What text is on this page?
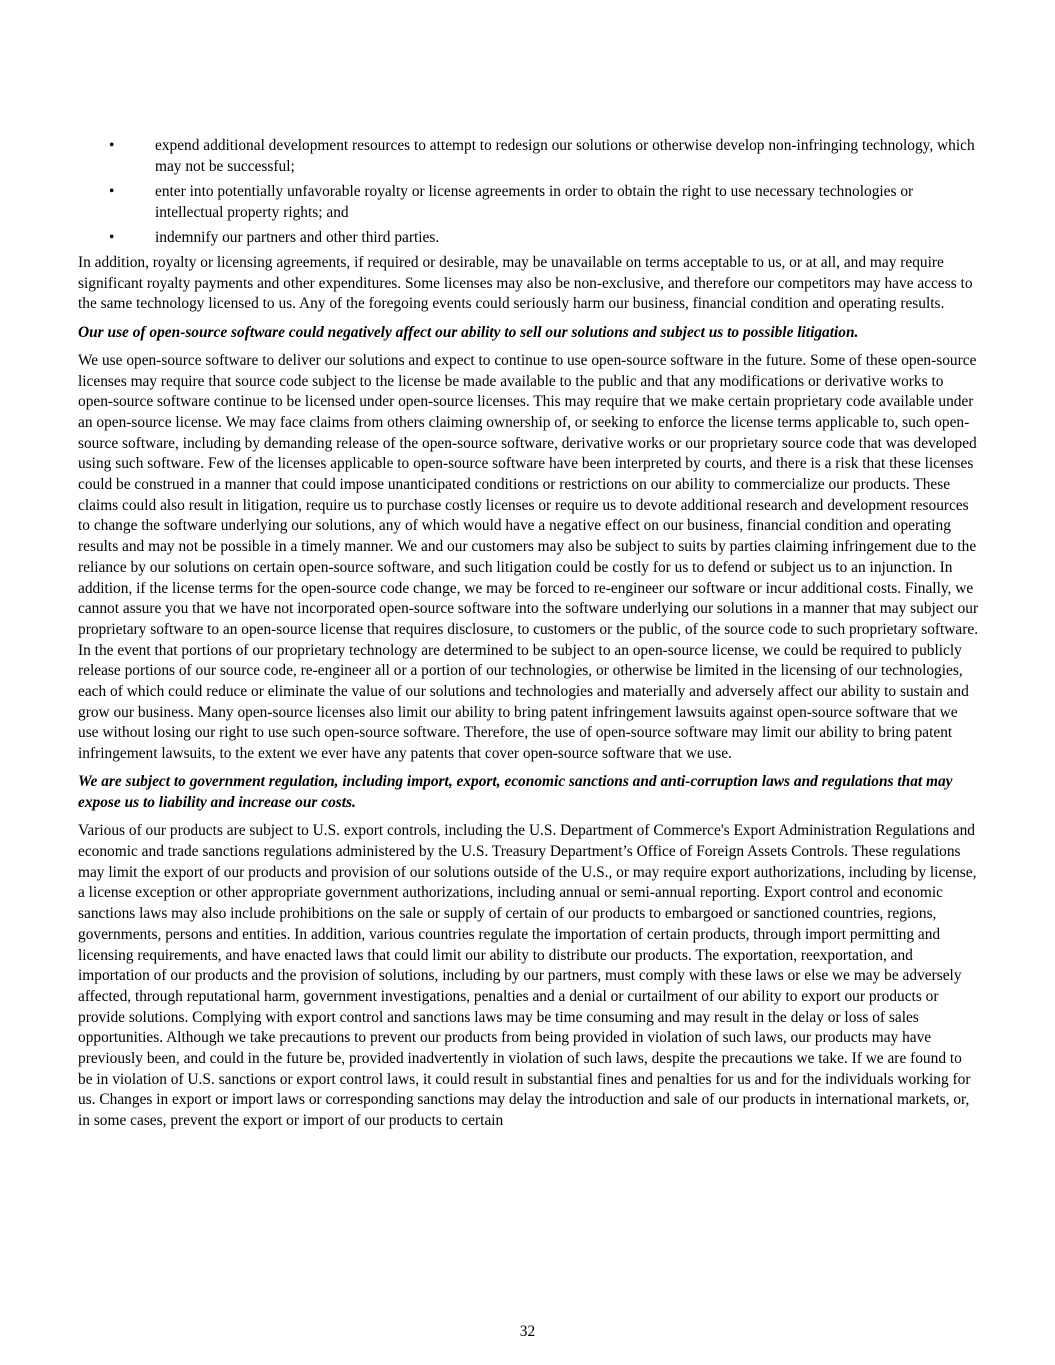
•	expend additional development resources to attempt to redesign our solutions or otherwise develop non-infringing technology, which may not be successful;
•	enter into potentially unfavorable royalty or license agreements in order to obtain the right to use necessary technologies or intellectual property rights; and
•	indemnify our partners and other third parties.

In addition, royalty or licensing agreements, if required or desirable, may be unavailable on terms acceptable to us, or at all, and may require significant royalty payments and other expenditures. Some licenses may also be non-exclusive, and therefore our competitors may have access to the same technology licensed to us. Any of the foregoing events could seriously harm our business, financial condition and operating results.

Our use of open-source software could negatively affect our ability to sell our solutions and subject us to possible litigation.

We use open-source software to deliver our solutions and expect to continue to use open-source software in the future. Some of these open-source licenses may require that source code subject to the license be made available to the public and that any modifications or derivative works to open-source software continue to be licensed under open-source licenses. This may require that we make certain proprietary code available under an open-source license. We may face claims from others claiming ownership of, or seeking to enforce the license terms applicable to, such open-source software, including by demanding release of the open-source software, derivative works or our proprietary source code that was developed using such software. Few of the licenses applicable to open-source software have been interpreted by courts, and there is a risk that these licenses could be construed in a manner that could impose unanticipated conditions or restrictions on our ability to commercialize our products. These claims could also result in litigation, require us to purchase costly licenses or require us to devote additional research and development resources to change the software underlying our solutions, any of which would have a negative effect on our business, financial condition and operating results and may not be possible in a timely manner. We and our customers may also be subject to suits by parties claiming infringement due to the reliance by our solutions on certain open-source software, and such litigation could be costly for us to defend or subject us to an injunction. In addition, if the license terms for the open-source code change, we may be forced to re-engineer our software or incur additional costs. Finally, we cannot assure you that we have not incorporated open-source software into the software underlying our solutions in a manner that may subject our proprietary software to an open-source license that requires disclosure, to customers or the public, of the source code to such proprietary software. In the event that portions of our proprietary technology are determined to be subject to an open-source license, we could be required to publicly release portions of our source code, re-engineer all or a portion of our technologies, or otherwise be limited in the licensing of our technologies, each of which could reduce or eliminate the value of our solutions and technologies and materially and adversely affect our ability to sustain and grow our business. Many open-source licenses also limit our ability to bring patent infringement lawsuits against open-source software that we use without losing our right to use such open-source software. Therefore, the use of open-source software may limit our ability to bring patent infringement lawsuits, to the extent we ever have any patents that cover open-source software that we use.

We are subject to government regulation, including import, export, economic sanctions and anti-corruption laws and regulations that may expose us to liability and increase our costs.

Various of our products are subject to U.S. export controls, including the U.S. Department of Commerce's Export Administration Regulations and economic and trade sanctions regulations administered by the U.S. Treasury Department’s Office of Foreign Assets Controls. These regulations may limit the export of our products and provision of our solutions outside of the U.S., or may require export authorizations, including by license, a license exception or other appropriate government authorizations, including annual or semi-annual reporting. Export control and economic sanctions laws may also include prohibitions on the sale or supply of certain of our products to embargoed or sanctioned countries, regions, governments, persons and entities. In addition, various countries regulate the importation of certain products, through import permitting and licensing requirements, and have enacted laws that could limit our ability to distribute our products. The exportation, reexportation, and importation of our products and the provision of solutions, including by our partners, must comply with these laws or else we may be adversely affected, through reputational harm, government investigations, penalties and a denial or curtailment of our ability to export our products or provide solutions. Complying with export control and sanctions laws may be time consuming and may result in the delay or loss of sales opportunities. Although we take precautions to prevent our products from being provided in violation of such laws, our products may have previously been, and could in the future be, provided inadvertently in violation of such laws, despite the precautions we take. If we are found to be in violation of U.S. sanctions or export control laws, it could result in substantial fines and penalties for us and for the individuals working for us. Changes in export or import laws or corresponding sanctions may delay the introduction and sale of our products in international markets, or, in some cases, prevent the export or import of our products to certain

32
